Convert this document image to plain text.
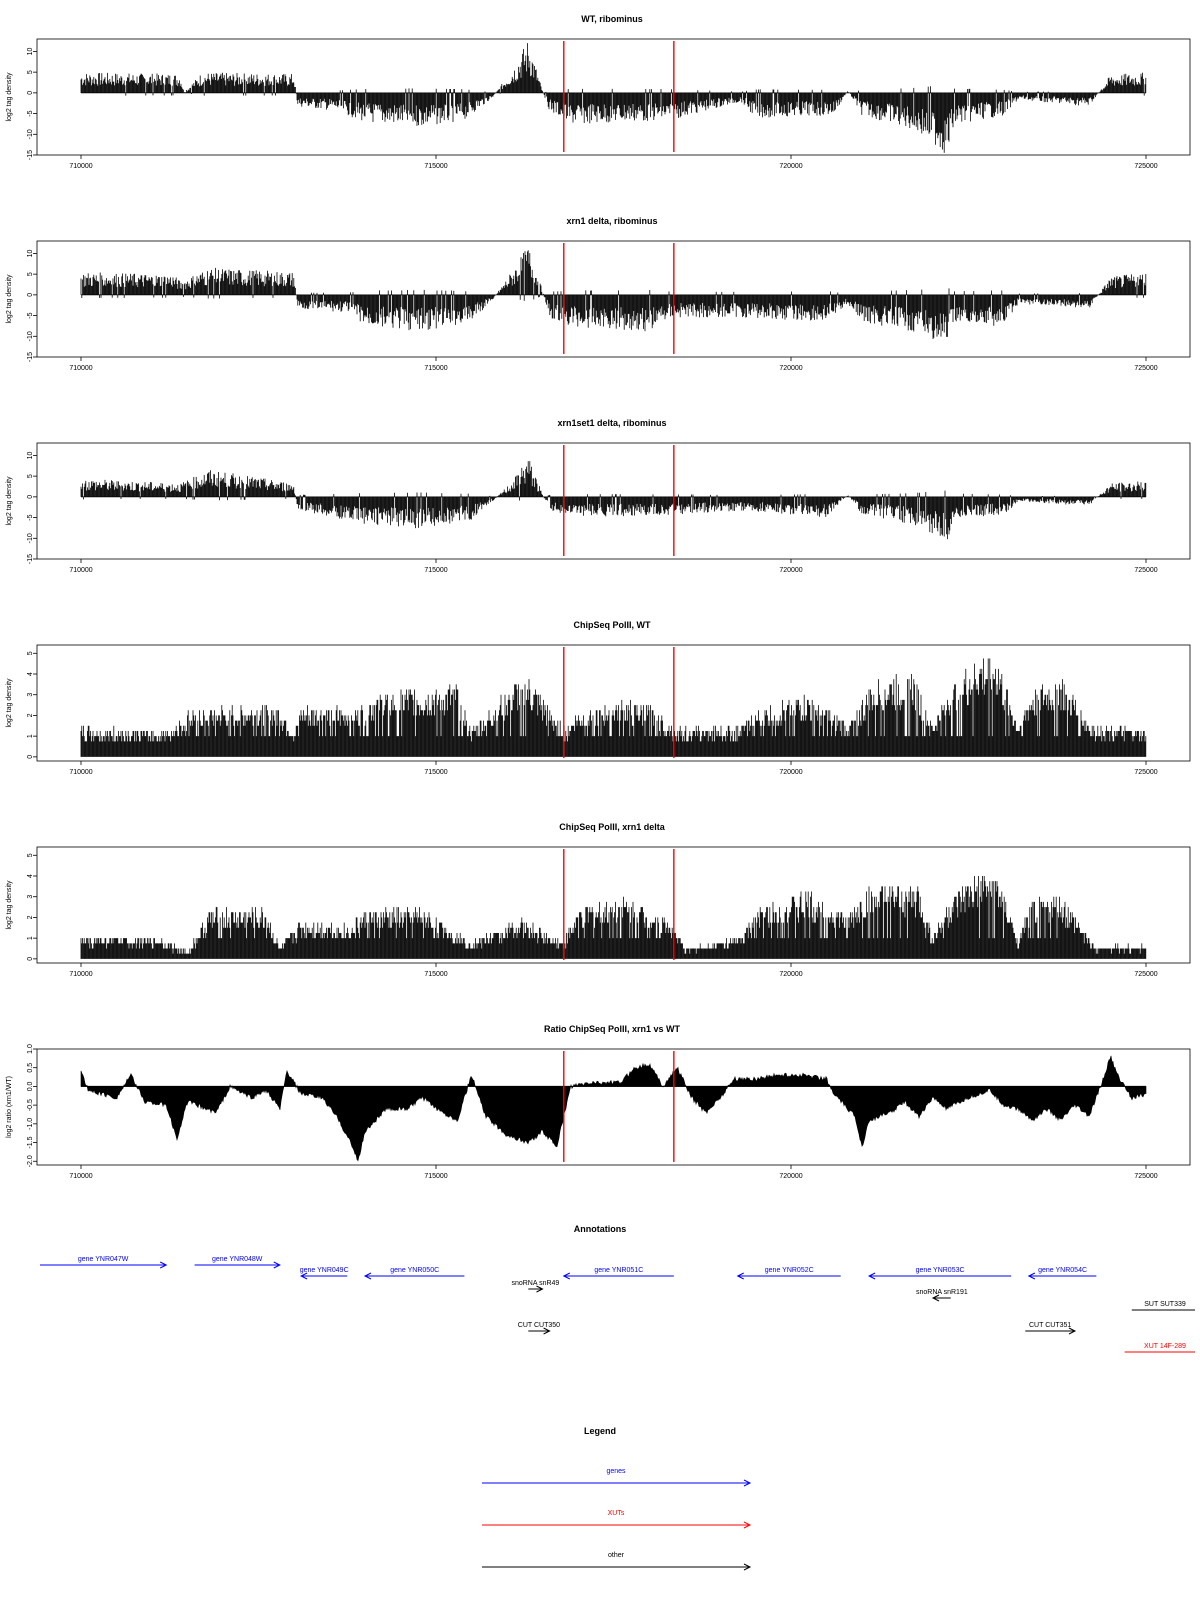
WT, ribominus
-15
-10
-5
0
5
10
log2 tag density
710000	715000	720000	725000
xrn1 delta, ribominus
-15
-10
-5
0
5
10
log2 tag density
710000	715000	720000	725000
xrn1set1 delta, ribominus
-15
-10
-5
0
5
10
log2 tag density
710000	715000	720000	725000
ChipSeq PolII, WT
0
1
2
3
4
5
log2 tag density
710000	715000	720000	725000
ChipSeq PolII, xrn1 delta
0
1
2
3
4
5
log2 tag density
710000	715000	720000	725000
Ratio ChipSeq PolII, xrn1 vs WT
-2.0
-1.5
-1.0
-0.5
0.0
0.5
1.0
log2 ratio (xrn1/WT)
710000	715000	720000	725000
Annotations
gene YNR047W	gene YNR048W
gene YNR049C	gene YNR050C	gene YNR051C	gene YNR052C	gene YNR053C	gene YNR054C
snoRNA snR49
snoRNA snR191
SUT SUT339
CUT CUT350	CUT CUT351
XUT 14F-289
Legend
genes
XUTs
other
